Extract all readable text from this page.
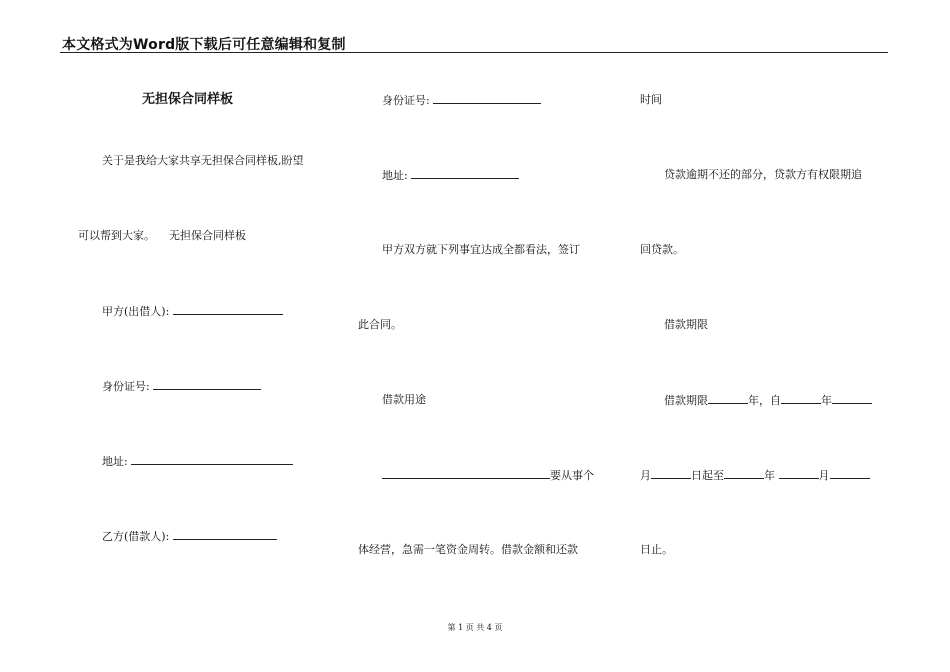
本文格式为Word版下载后可任意编辑和复制
无担保合同样板
关于是我给大家共享无担保合同样板,盼望
可以帮到大家。    无担保合同样板
甲方(出借人):
身份证号:
地址:
乙方(借款人):
身份证号:
地址:
甲方双方就下列事宜达成全都看法，签订
此合同。
借款用途
要从事个
体经营，急需一笔资金周转。借款金额和还款
时间
贷款逾期不还的部分，贷款方有权限期追
回贷款。
借款期限
借款期限	年，自	年
月	日起至	年	月
日止。
第 1 页 共 4 页
